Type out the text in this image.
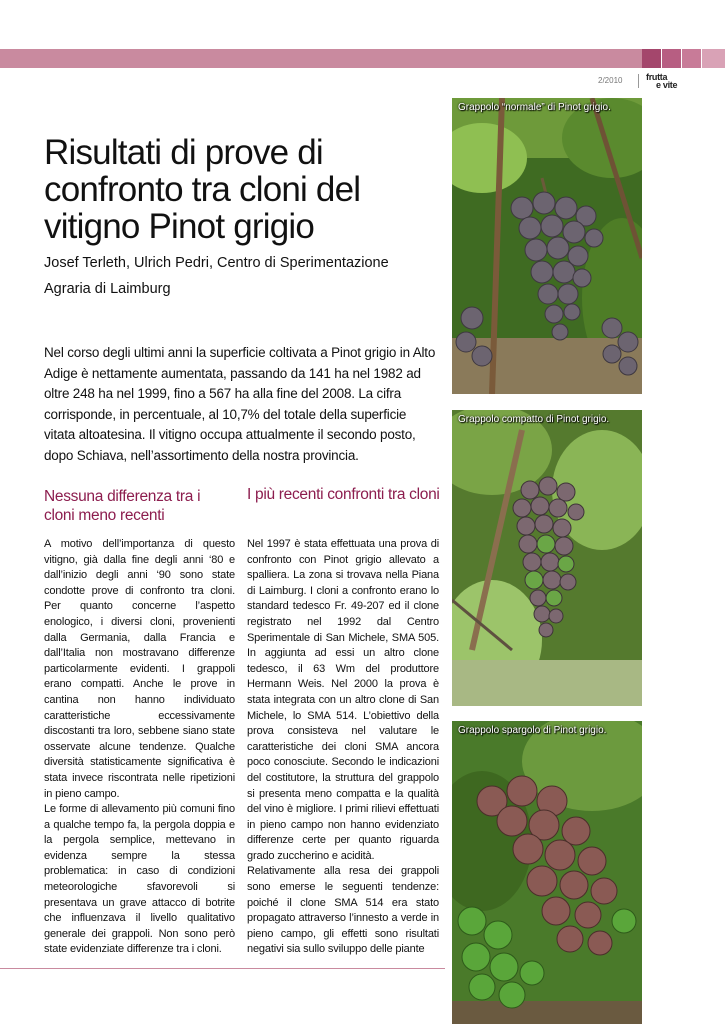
2/2010	frutta
e vite
Risultati di prove di confronto tra cloni del vitigno Pinot grigio

Josef Terleth, Ulrich Pedri, Centro di Sperimentazione Agraria di Laimburg

Nel corso degli ultimi anni la superficie coltivata a Pinot grigio in Alto Adige è nettamente aumentata, passando da 141 ha nel 1982 ad oltre 248 ha nel 1999, fino a 567 ha alla fine del 2008. La cifra corrisponde, in percentuale, al 10,7% del totale della superficie vitata altoatesina. Il vitigno occupa attualmente il secondo posto, dopo Schiava, nell’assortimento della nostra provincia.

Nessuna differenza tra i cloni meno recenti
I più recenti confronti tra cloni
A motivo dell’importanza di questo vitigno, già dalla fine degli anni ‘80 e dall’inizio degli anni ‘90 sono state condotte prove di confronto tra cloni. Per quanto concerne l’aspetto enologico, i diversi cloni, provenienti dalla Germania, dalla Francia e dall’Italia non mostravano differenze particolarmente evidenti. I grappoli erano compatti. Anche le prove in cantina non hanno individuato caratteristiche eccessivamente discostanti tra loro, sebbene siano state osservate alcune tendenze. Qualche diversità statisticamente significativa è stata invece riscontrata nelle ripetizioni in pieno campo.
Le forme di allevamento più comuni fino a qualche tempo fa, la pergola doppia e la pergola semplice, mettevano in evidenza sempre la stessa problematica: in caso di condizioni meteorologiche sfavorevoli si presentava un grave attacco di botrite che influenzava il livello qualitativo generale dei grappoli. Non sono però state evidenziate differenze tra i cloni.
Nel 1997 è stata effettuata una prova di confronto con Pinot grigio allevato a spalliera. La zona si trovava nella Piana di Laimburg. I cloni a confronto erano lo standard tedesco Fr. 49-207 ed il clone registrato nel 1992 dal Centro Sperimentale di San Michele, SMA 505. In aggiunta ad essi un altro clone tedesco, il 63 Wm del produttore Hermann Weis. Nel 2000 la prova è stata integrata con un altro clone di San Michele, lo SMA 514. L’obiettivo della prova consisteva nel valutare le caratteristiche dei cloni SMA ancora poco conosciute. Secondo le indicazioni del costitutore, la struttura del grappolo si presenta meno compatta e la qualità del vino è migliore. I primi rilievi effettuati in pieno campo non hanno evidenziato differenze certe per quanto riguarda grado zuccherino e acidità.
Relativamente alla resa dei grappoli sono emerse le seguenti tendenze: poiché il clone SMA 514 era stato propagato attraverso l’innesto a verde in pieno campo, gli effetti sono risultati negativi sia sullo sviluppo delle piante
Grappolo “normale” di Pinot grigio.
Grappolo compatto di Pinot grigio.
Grappolo spargolo di Pinot grigio.
